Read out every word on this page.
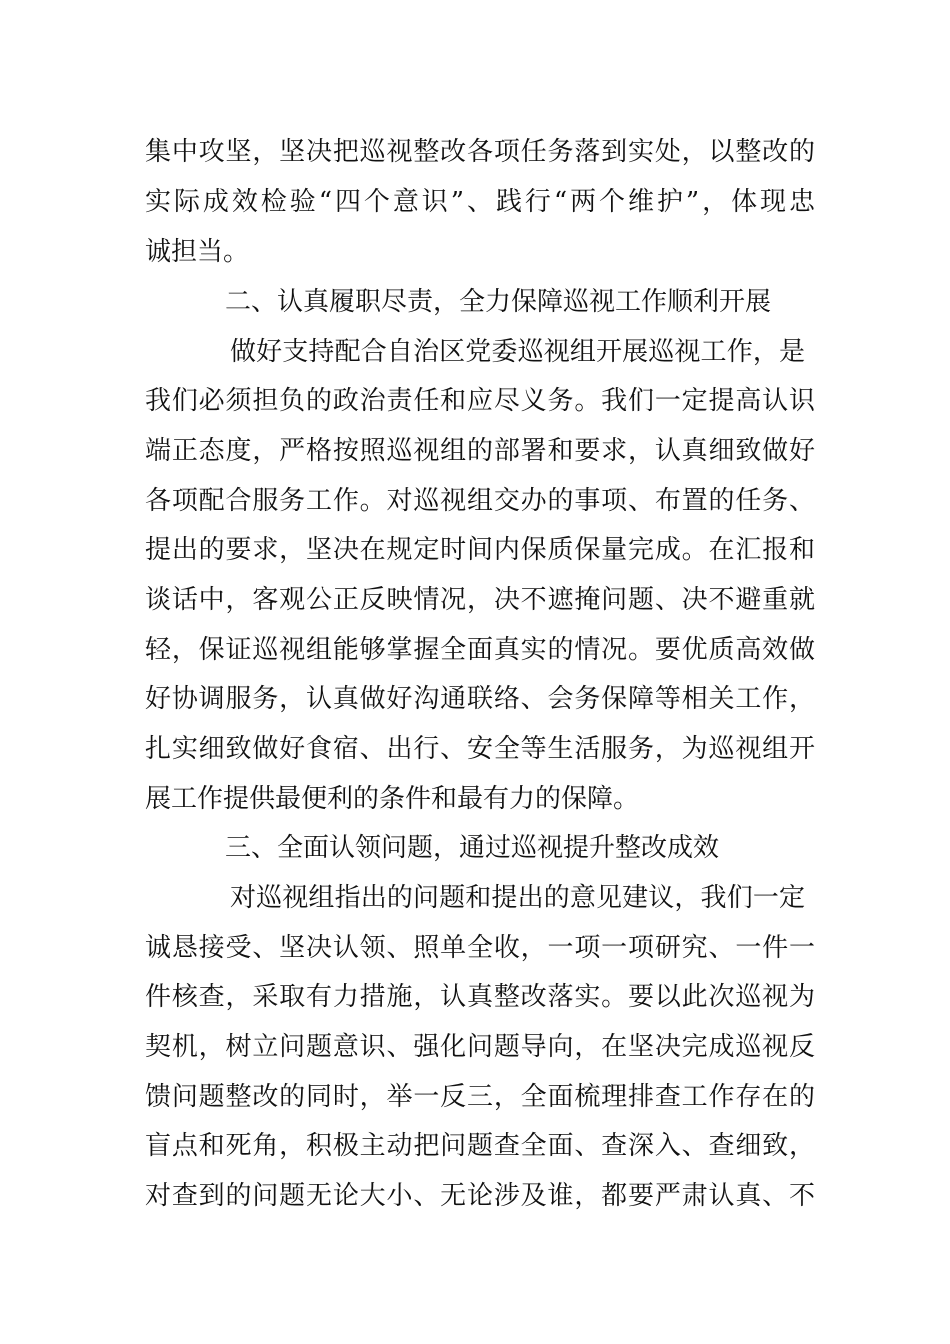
集中攻坚，坚决把巡视整改各项任务落到实处，以整改的
实际成效检验“四个意识”、践行“两个维护”，体现忠
诚担当。
二、认真履职尽责，全力保障巡视工作顺利开展
做好支持配合自治区党委巡视组开展巡视工作，是
我们必须担负的政治责任和应尽义务。我们一定提高认识
端正态度，严格按照巡视组的部署和要求，认真细致做好
各项配合服务工作。对巡视组交办的事项、布置的任务、
提出的要求，坚决在规定时间内保质保量完成。在汇报和
谈话中，客观公正反映情况，决不遮掩问题、决不避重就
轻，保证巡视组能够掌握全面真实的情况。要优质高效做
好协调服务，认真做好沟通联络、会务保障等相关工作，
扎实细致做好食宿、出行、安全等生活服务，为巡视组开
展工作提供最便利的条件和最有力的保障。
三、全面认领问题，通过巡视提升整改成效
对巡视组指出的问题和提出的意见建议，我们一定
诚恳接受、坚决认领、照单全收，一项一项研究、一件一
件核查，采取有力措施，认真整改落实。要以此次巡视为
契机，树立问题意识、强化问题导向，在坚决完成巡视反
馈问题整改的同时，举一反三，全面梳理排查工作存在的
盲点和死角，积极主动把问题查全面、查深入、查细致，
对查到的问题无论大小、无论涉及谁，都要严肃认真、不
